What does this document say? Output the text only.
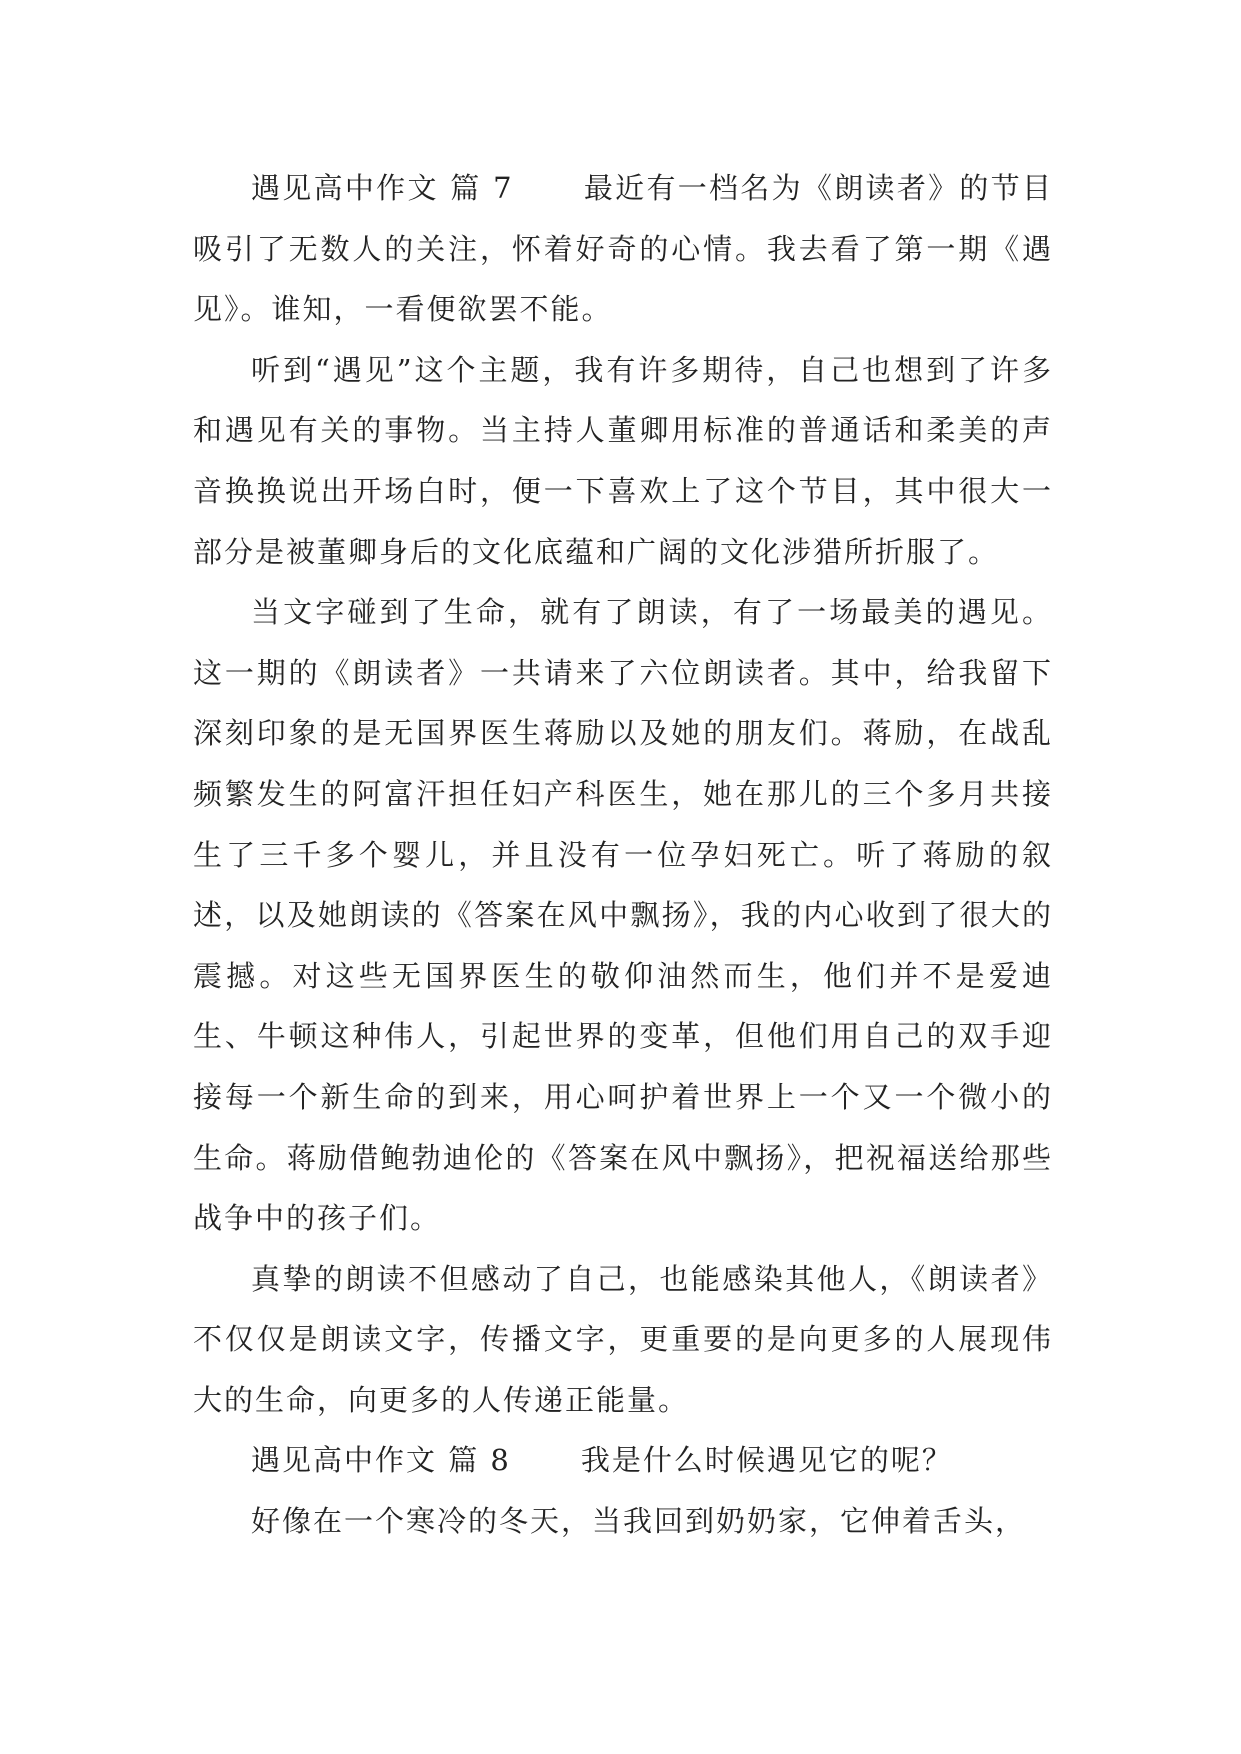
遇见高中作文 篇 7 最近有一档名为《朗读者》的节目吸引了无数人的关注，怀着好奇的心情。我去看了第一期《遇见》。谁知，一看便欲罢不能。

听到“遇见”这个主题，我有许多期待，自己也想到了许多和遇见有关的事物。当主持人董卿用标准的普通话和柔美的声音换换说出开场白时，便一下喜欢上了这个节目，其中很大一部分是被董卿身后的文化底蕴和广阔的文化涉猎所折服了。

当文字碰到了生命，就有了朗读，有了一场最美的遇见。这一期的《朗读者》一共请来了六位朗读者。其中，给我留下深刻印象的是无国界医生蒋励以及她的朋友们。蒋励，在战乱频繁发生的阿富汗担任妇产科医生，她在那儿的三个多月共接生了三千多个婴儿，并且没有一位孕妇死亡。听了蒋励的叙述，以及她朗读的《答案在风中飘扬》，我的内心收到了很大的震撼。对这些无国界医生的敬仰油然而生，他们并不是爱迪生、牛顿这种伟人，引起世界的变革，但他们用自己的双手迎接每一个新生命的到来，用心呵护着世界上一个又一个微小的生命。蒋励借鲍勃迪伦的《答案在风中飘扬》，把祝福送给那些战争中的孩子们。

真挚的朗读不但感动了自己，也能感染其他人，《朗读者》不仅仅是朗读文字，传播文字，更重要的是向更多的人展现伟大的生命，向更多的人传递正能量。

遇见高中作文 篇 8 我是什么时候遇见它的呢？

好像在一个寒冷的冬天，当我回到奶奶家，它伸着舌头，
